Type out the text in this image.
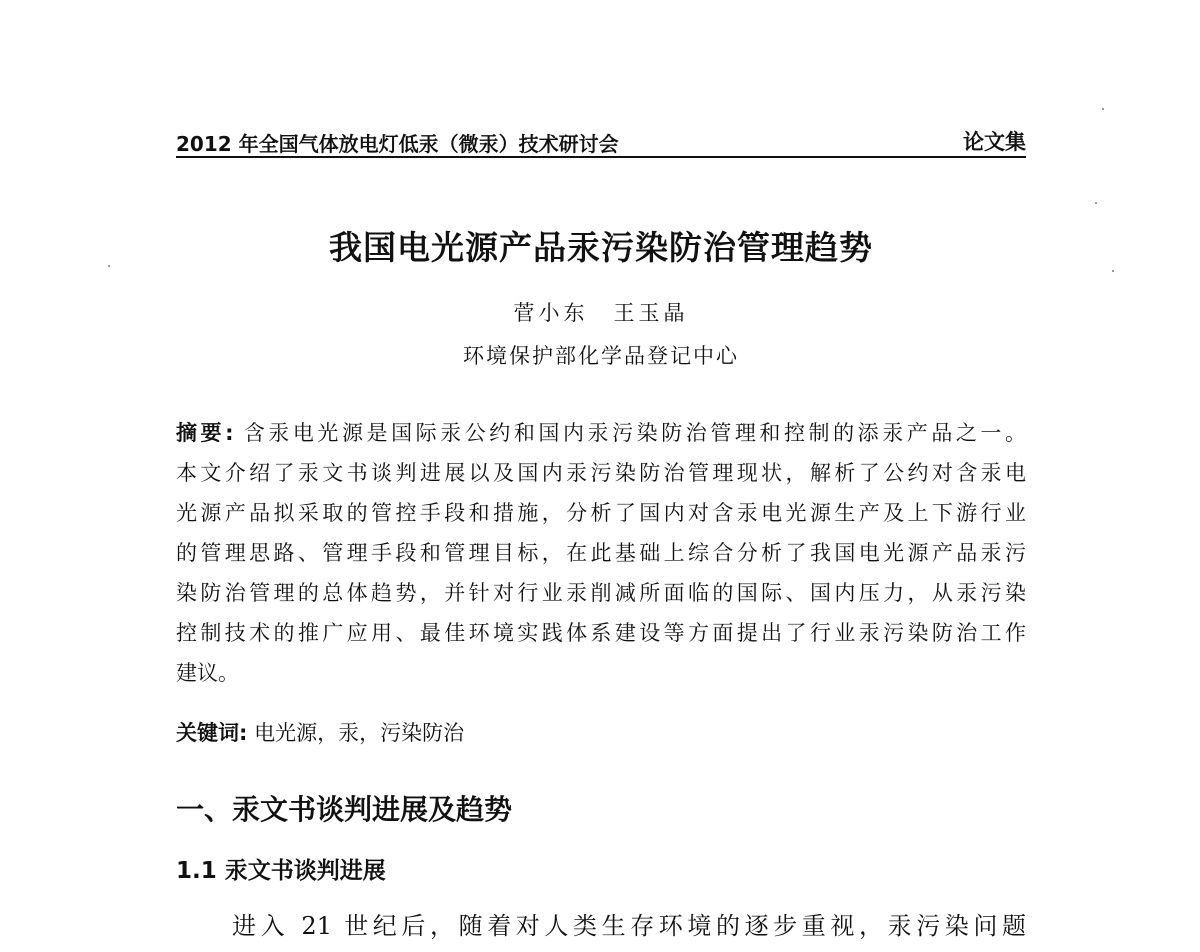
2012 年全国气体放电灯低汞（微汞）技术研讨会	论文集
我国电光源产品汞污染防治管理趋势
菅小东　王玉晶
环境保护部化学品登记中心
摘要: 含汞电光源是国际汞公约和国内汞污染防治管理和控制的添汞产品之一。
本文介绍了汞文书谈判进展以及国内汞污染防治管理现状，解析了公约对含汞电
光源产品拟采取的管控手段和措施，分析了国内对含汞电光源生产及上下游行业
的管理思路、管理手段和管理目标，在此基础上综合分析了我国电光源产品汞污
染防治管理的总体趋势，并针对行业汞削减所面临的国际、国内压力，从汞污染
控制技术的推广应用、最佳环境实践体系建设等方面提出了行业汞污染防治工作
建议。
关键词: 电光源，汞，污染防治
一、汞文书谈判进展及趋势
1.1 汞文书谈判进展
进入 21 世纪后，随着对人类生存环境的逐步重视，汞污染问题
